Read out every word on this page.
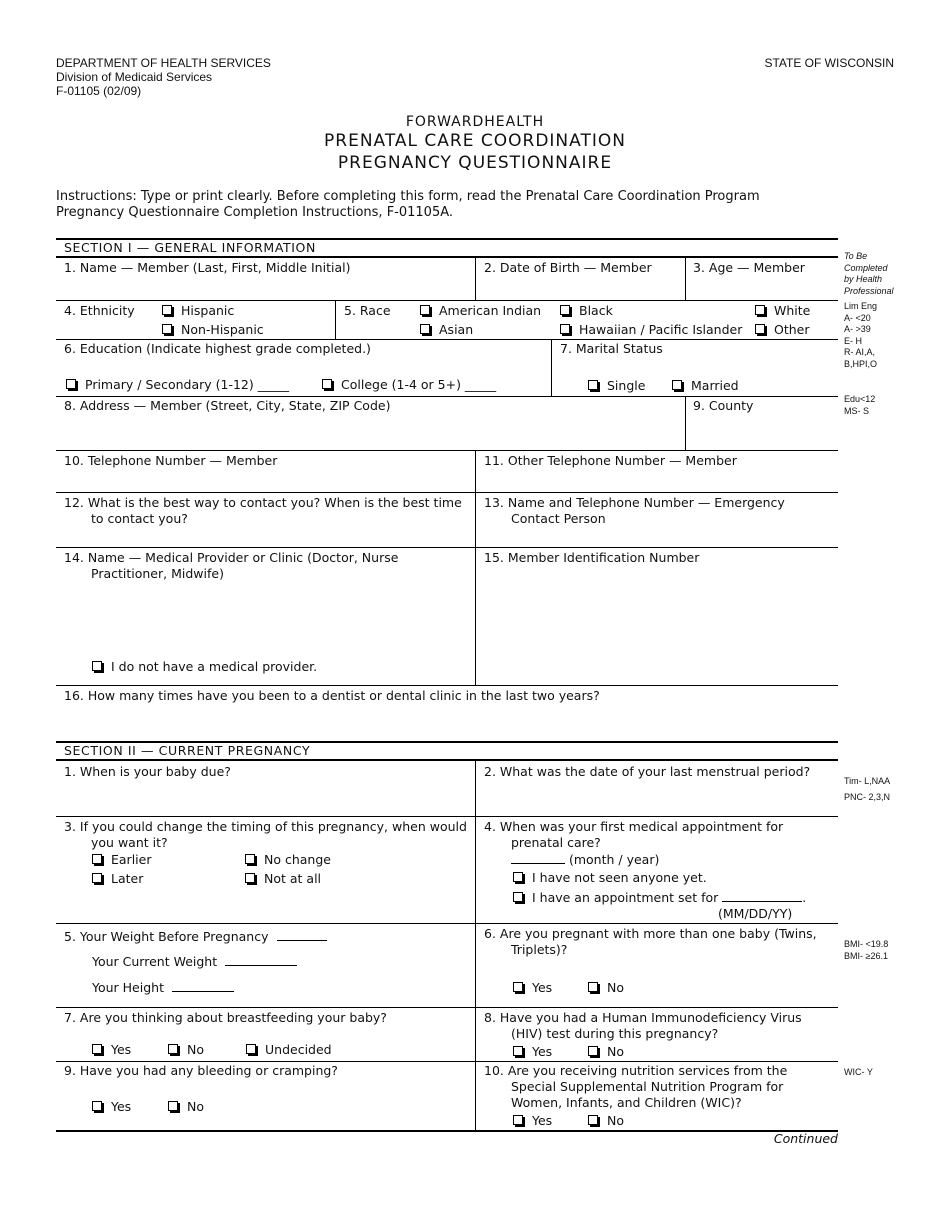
DEPARTMENT OF HEALTH SERVICES
Division of Medicaid Services
F-01105 (02/09)
STATE OF WISCONSIN
FORWARDHEALTH
PRENATAL CARE COORDINATION
PREGNANCY QUESTIONNAIRE
Instructions: Type or print clearly. Before completing this form, read the Prenatal Care Coordination Program Pregnancy Questionnaire Completion Instructions, F-01105A.
To Be
Completed
by Health
Professional
Lim Eng
A- <20
A- >39
E- H
R- AI,A,
B,HPI,O
Edu<12
MS- S
Tim- L,NAA
PNC- 2,3,N
BMI- <19.8
BMI- ≥26.1
WIC- Y
SECTION I — GENERAL INFORMATION
1. Name — Member (Last, First, Middle Initial)	2. Date of Birth — Member	3. Age — Member
4. Ethnicity	Hispanic
Non-Hispanic
5. Race	American Indian
Asian
Black
Hawaiian / Pacific Islander
White
Other
6. Education (Indicate highest grade completed.)
Primary / Secondary (1-12) _____	College (1-4 or 5+) _____
7. Marital Status
Single	Married
8. Address — Member (Street, City, State, ZIP Code)	9. County
10. Telephone Number — Member	11. Other Telephone Number — Member
12. What is the best way to contact you? When is the best time
to contact you?
13. Name and Telephone Number — Emergency
Contact Person
14. Name — Medical Provider or Clinic (Doctor, Nurse
Practitioner, Midwife)
I do not have a medical provider.
15. Member Identification Number
16. How many times have you been to a dentist or dental clinic in the last two years?
SECTION II — CURRENT PREGNANCY
1. When is your baby due?	2. What was the date of your last menstrual period?
3. If you could change the timing of this pregnancy, when would
you want it?
Earlier
Later
No change
Not at all
4. When was your first medical appointment for
prenatal care?
(month / year)
I have not seen anyone yet.
I have an appointment set for	.
(MM/DD/YY)
5. Your Weight Before Pregnancy
Your Current Weight
Your Height
6. Are you pregnant with more than one baby (Twins,
Triplets)?
Yes	No
7. Are you thinking about breastfeeding your baby?
Yes	No	Undecided
8. Have you had a Human Immunodeficiency Virus
(HIV) test during this pregnancy?
Yes	No
9. Have you had any bleeding or cramping?
Yes	No
10. Are you receiving nutrition services from the
Special Supplemental Nutrition Program for
Women, Infants, and Children (WIC)?
Yes	No
Continued
